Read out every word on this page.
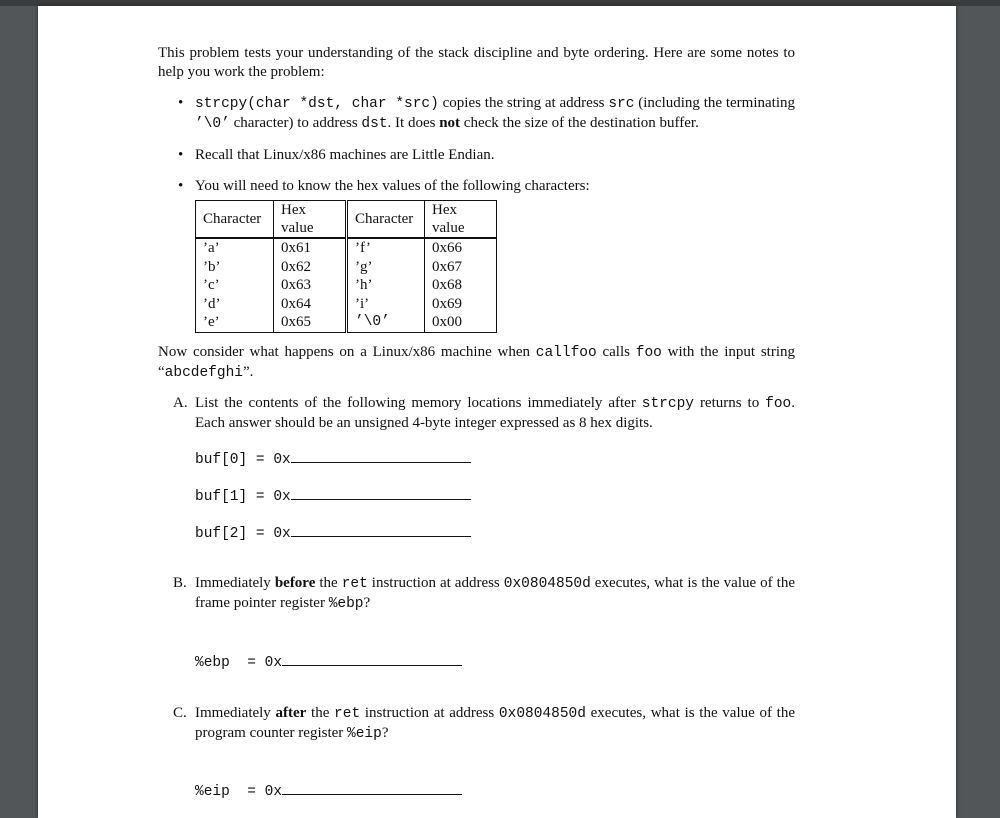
This problem tests your understanding of the stack discipline and byte ordering. Here are some notes to help you work the problem:

• strcpy(char *dst, char *src) copies the string at address src (including the terminating ’\0’ character) to address dst. It does not check the size of the destination buffer.

• Recall that Linux/x86 machines are Little Endian.

• You will need to know the hex values of the following characters:

Character	Hex value	Character	Hex value
’a’	0x61	’f’	0x66
’b’	0x62	’g’	0x67
’c’	0x63	’h’	0x68
’d’	0x64	’i’	0x69
’e’	0x65	’\0’	0x00

Now consider what happens on a Linux/x86 machine when callfoo calls foo with the input string “abcdefghi”.

A. List the contents of the following memory locations immediately after strcpy returns to foo. Each answer should be an unsigned 4-byte integer expressed as 8 hex digits.

buf[0] = 0x
buf[1] = 0x
buf[2] = 0x
B. Immediately before the ret instruction at address 0x0804850d executes, what is the value of the frame pointer register %ebp?

%ebp  = 0x
C. Immediately after the ret instruction at address 0x0804850d executes, what is the value of the program counter register %eip?

%eip  = 0x
